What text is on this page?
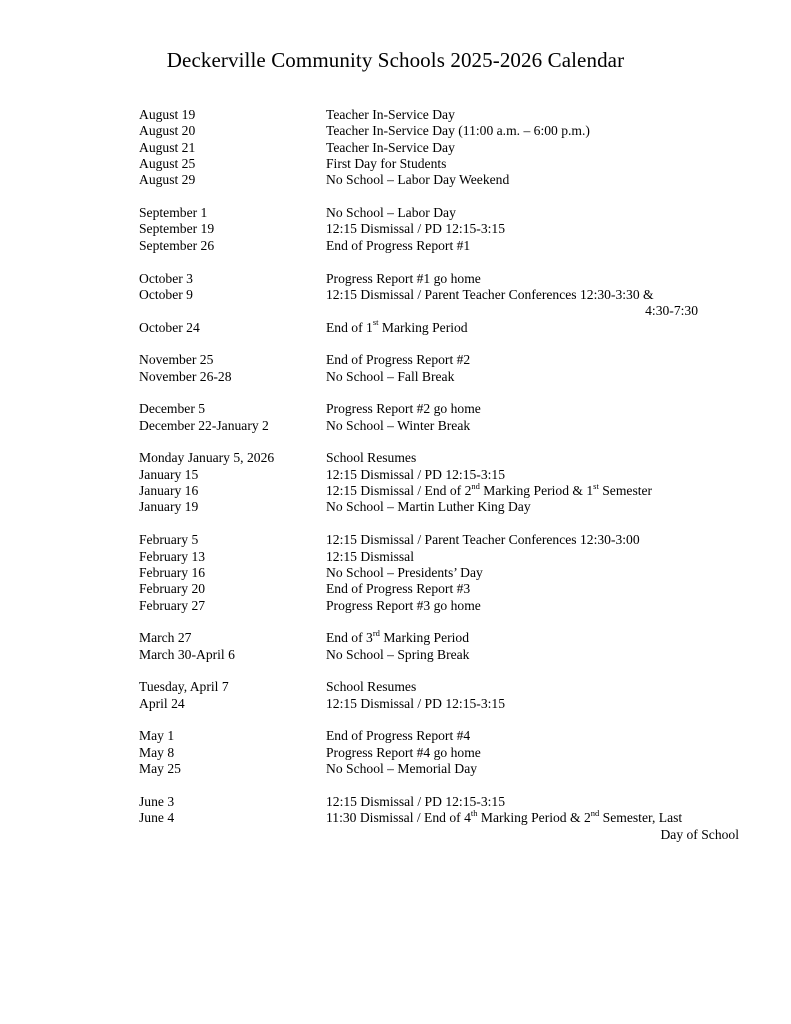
Deckerville Community Schools 2025-2026 Calendar
August 19	Teacher In-Service Day
August 20	Teacher In-Service Day (11:00 a.m. – 6:00 p.m.)
August 21	Teacher In-Service Day
August 25	First Day for Students
August 29	No School – Labor Day Weekend
September 1	No School – Labor Day
September 19	12:15 Dismissal / PD 12:15-3:15
September 26	End of Progress Report #1
October 3	Progress Report #1 go home
October 9	12:15 Dismissal / Parent Teacher Conferences 12:30-3:30 &
4:30-7:30
October 24	End of 1st Marking Period
November 25	End of Progress Report #2
November 26-28	No School – Fall Break
December 5	Progress Report #2 go home
December 22-January 2	No School – Winter Break
Monday January 5, 2026	School Resumes
January 15	12:15 Dismissal / PD 12:15-3:15
January 16	12:15 Dismissal / End of 2nd Marking Period & 1st Semester
January 19	No School – Martin Luther King Day
February 5	12:15 Dismissal / Parent Teacher Conferences 12:30-3:00
February 13	12:15 Dismissal
February 16	No School – Presidents’ Day
February 20	End of Progress Report #3
February 27	Progress Report #3 go home
March 27	End of 3rd Marking Period
March 30-April 6	No School – Spring Break
Tuesday, April 7	School Resumes
April 24	12:15 Dismissal / PD 12:15-3:15
May 1	End of Progress Report #4
May 8	Progress Report #4 go home
May 25	No School – Memorial Day
June 3	12:15 Dismissal / PD 12:15-3:15
June 4	11:30 Dismissal / End of 4th Marking Period & 2nd Semester, Last
Day of School
